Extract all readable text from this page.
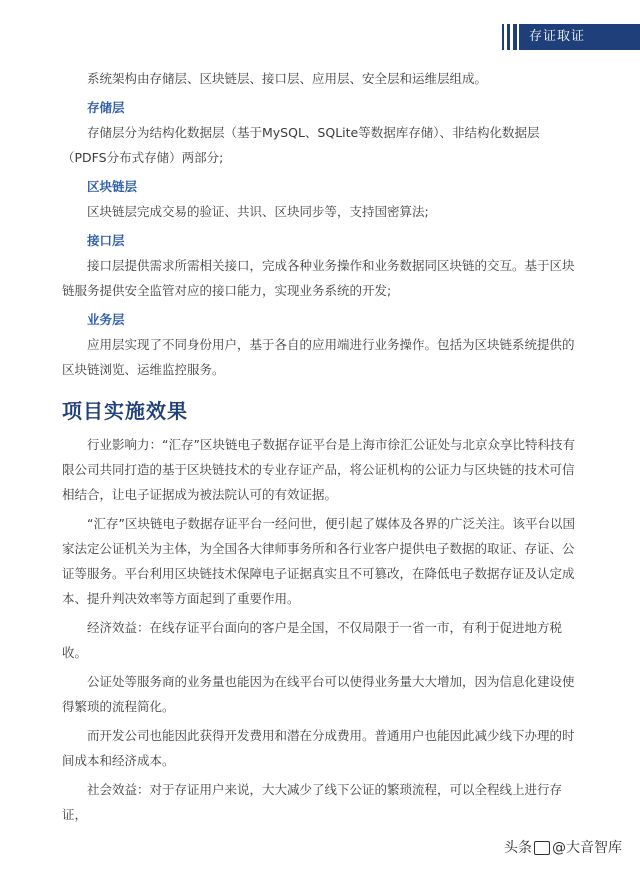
存证取证

系统架构由存储层、区块链层、接口层、应用层、安全层和运维层组成。

存储层

存储层分为结构化数据层（基于MySQL、SQLite等数据库存储）、非结构化数据层（PDFS分布式存储）两部分;

区块链层

区块链层完成交易的验证、共识、区块同步等，支持国密算法;

接口层

接口层提供需求所需相关接口，完成各种业务操作和业务数据同区块链的交互。基于区块链服务提供安全监管对应的接口能力，实现业务系统的开发;

业务层

应用层实现了不同身份用户，基于各自的应用端进行业务操作。包括为区块链系统提供的区块链浏览、运维监控服务。

项目实施效果

行业影响力：“汇存”区块链电子数据存证平台是上海市徐汇公证处与北京众享比特科技有限公司共同打造的基于区块链技术的专业存证产品，将公证机构的公证力与区块链的技术可信相结合，让电子证据成为被法院认可的有效证据。

“汇存”区块链电子数据存证平台一经问世，便引起了媒体及各界的广泛关注。该平台以国家法定公证机关为主体，为全国各大律师事务所和各行业客户提供电子数据的取证、存证、公证等服务。平台利用区块链技术保障电子证据真实且不可篡改，在降低电子数据存证及认定成本、提升判决效率等方面起到了重要作用。

经济效益：在线存证平台面向的客户是全国，不仅局限于一省一市，有利于促进地方税收。

公证处等服务商的业务量也能因为在线平台可以使得业务量大大增加，因为信息化建设使得繁琐的流程简化。

而开发公司也能因此获得开发费用和潜在分成费用。普通用户也能因此减少线下办理的时间成本和经济成本。

社会效益：对于存证用户来说，大大减少了线下公证的繁琐流程，可以全程线上进行存证，

头条 @大音智库
